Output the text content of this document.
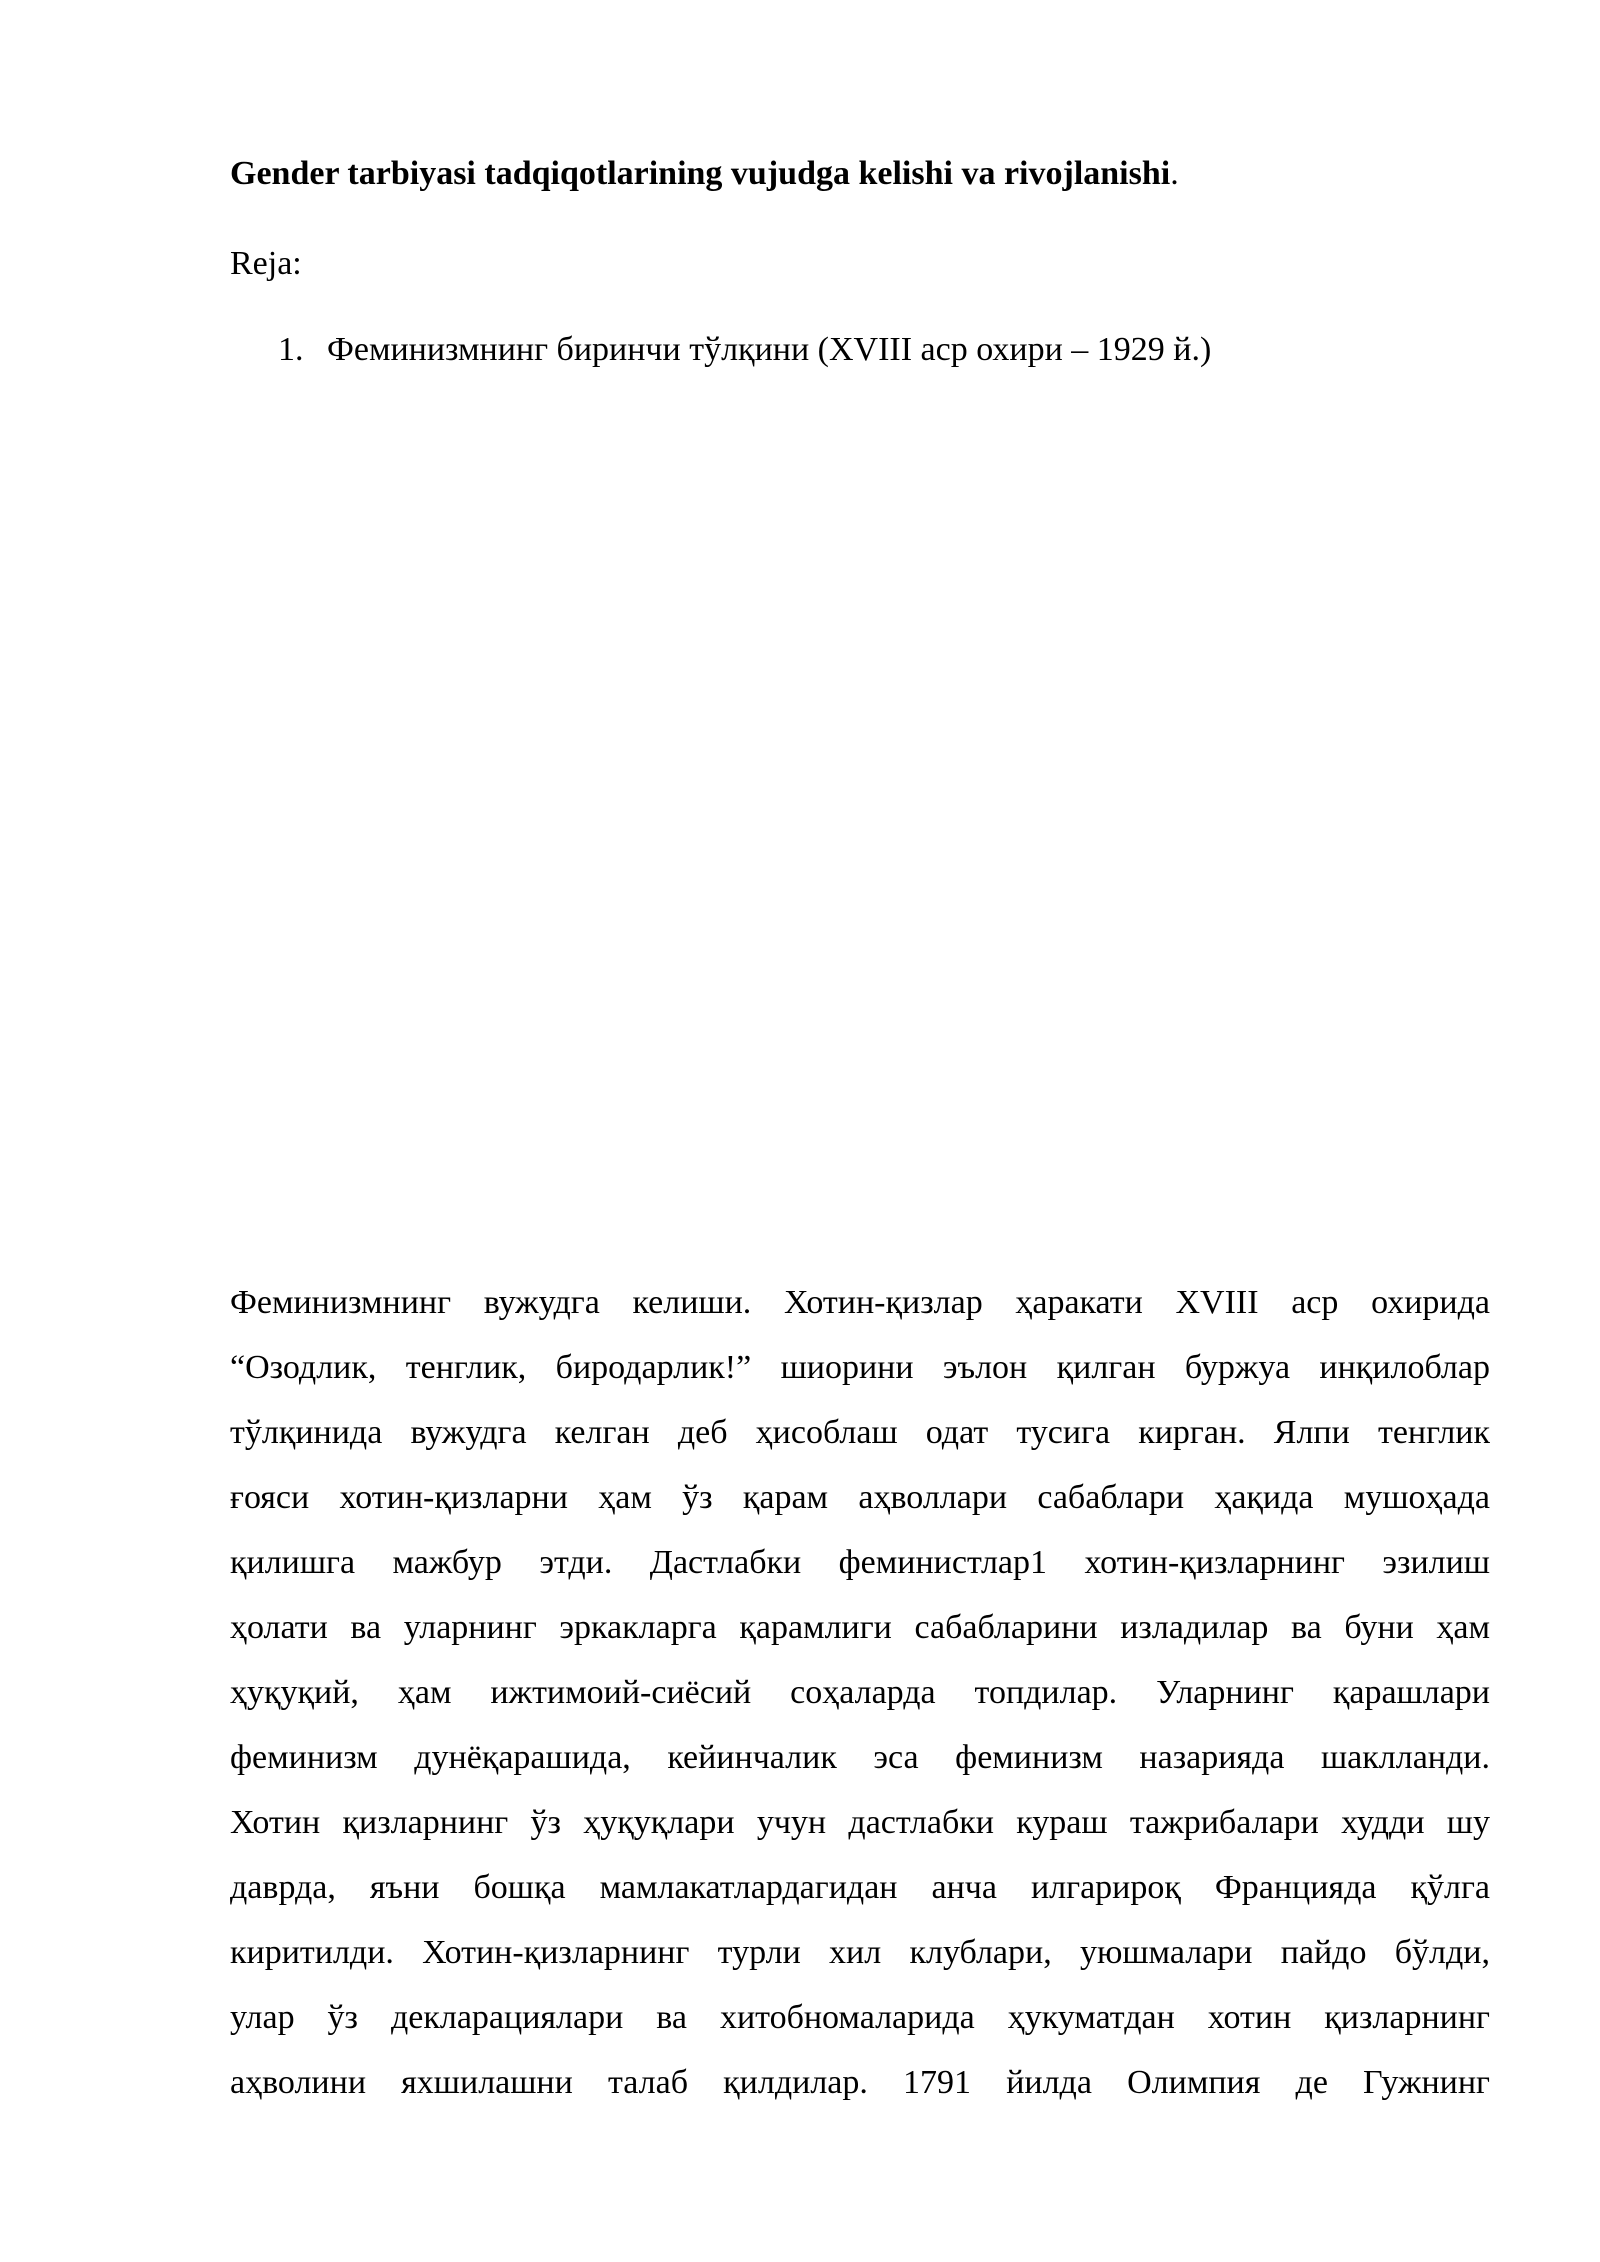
Gender tarbiyasi tadqiqotlarining vujudga kelishi va rivojlanishi.
Reja:
1. Феминизмнинг биринчи тўлқини (XVIII аср охири – 1929 й.)
Феминизмнинг вужудга келиши. Хотин-қизлар ҳаракати XVIII аср охирида
“Озодлик, тенглик, биродарлик!” шиорини эълон қилган буржуа инқилоблар
тўлқинида вужудга келган деб ҳисоблаш одат тусига кирган. Ялпи тенглик
ғояси хотин-қизларни ҳам ўз қарам аҳволлари сабаблари ҳақида мушоҳада
қилишга мажбур этди. Дастлабки феминистлар1 хотин-қизларнинг эзилиш
ҳолати ва уларнинг эркакларга қарамлиги сабабларини изладилар ва буни ҳам
ҳуқуқий, ҳам ижтимоий-сиёсий соҳаларда топдилар. Уларнинг қарашлари
феминизм дунёқарашида, кейинчалик эса феминизм назарияда шаклланди.
Хотин қизларнинг ўз ҳуқуқлари учун дастлабки кураш тажрибалари худди шу
даврда, яъни бошқа мамлакатлардагидан анча илгарироқ Францияда қўлга
киритилди. Хотин-қизларнинг турли хил клублари, уюшмалари пайдо бўлди,
улар ўз декларациялари ва хитобномаларида ҳукуматдан хотин қизларнинг
аҳволини яхшилашни талаб қилдилар. 1791 йилда Олимпия де Гужнинг
